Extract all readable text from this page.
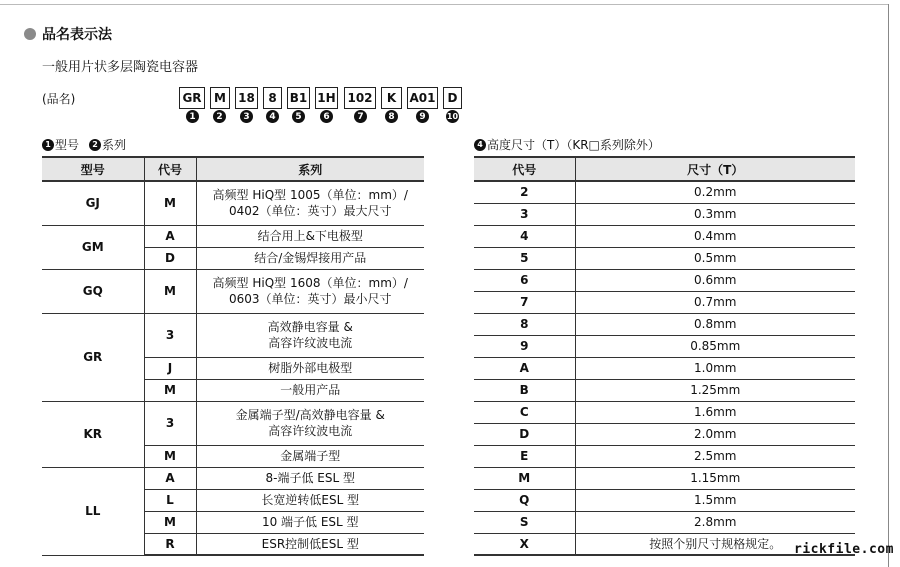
品名表示法
一般用片状多层陶瓷电容器
(品名)	GR	M	18	8	B1 1H 102	K	A01	D
1	2	3	4	5	6	7	8	9	10
1 型号	2 系列	4 高度尺寸（T）（KR□系列除外）
型号	代号	系列
GJ	M	高频型 HiQ型 1005（单位：mm）/
0402（单位：英寸）最大尺寸
GM	A	结合用上&下电极型
	D	结合/金锡焊接用产品
GQ	M	高频型 HiQ型 1608（单位：mm）/
0603（单位：英寸）最小尺寸
GR	3	高效静电容量 &
高容许纹波电流
	J	树脂外部电极型
	M	一般用产品
KR	3	金属端子型/高效静电容量 &
高容许纹波电流
	M	金属端子型
LL	A	8-端子低 ESL 型
	L	长宽逆转低ESL 型
	M	10 端子低 ESL 型
	R	ESR控制低ESL 型
代号	尺寸（T）
2	0.2mm
3	0.3mm
4	0.4mm
5	0.5mm
6	0.6mm
7	0.7mm
8	0.8mm
9	0.85mm
A	1.0mm
B	1.25mm
C	1.6mm
D	2.0mm
E	2.5mm
M	1.15mm
Q	1.5mm
S	2.8mm
X	按照个别尺寸规格规定。 rickfile.com
